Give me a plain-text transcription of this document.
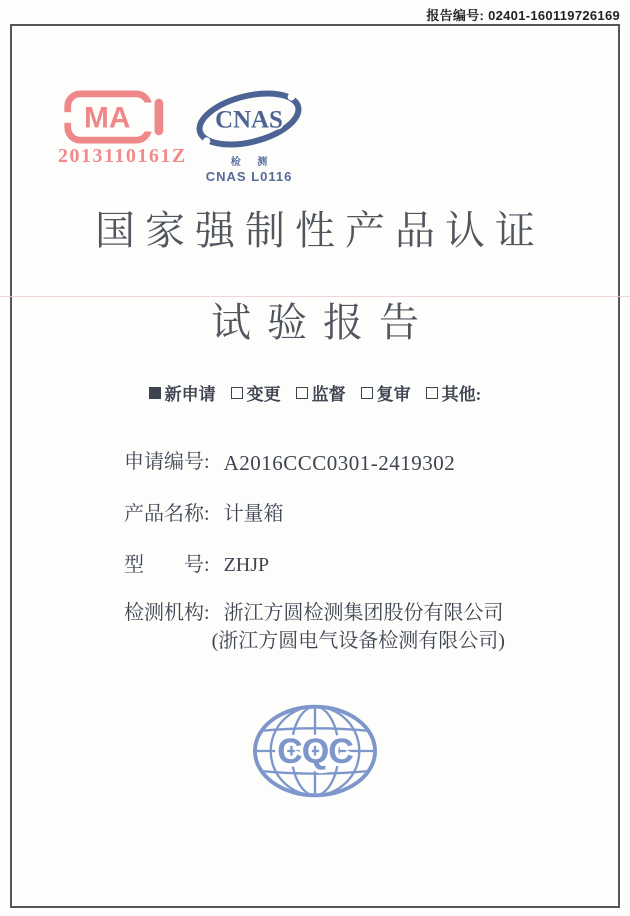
报告编号: 02401-160119726169
MA
2013110161Z
CNAS
检 测
CNAS L0116
国家强制性产品认证
试验报告
新申请 变更 监督 复审 其他:
申请编号: A2016CCC0301-2419302
产品名称: 计量箱
型　　号: ZHJP
检测机构: 浙江方圆检测集团股份有限公司
(浙江方圆电气设备检测有限公司)
CQC
